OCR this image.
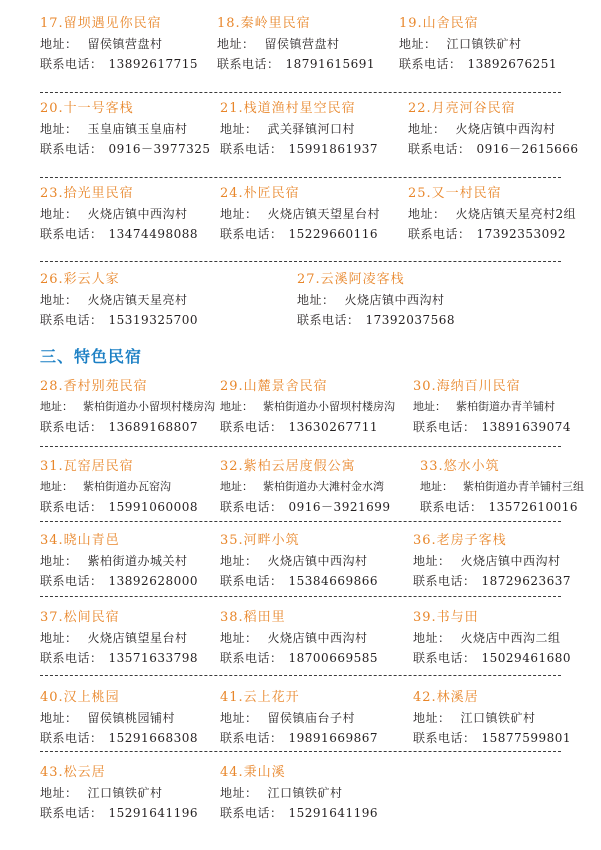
三、特色民宿
17.留坝遇见你民宿
地址： 留侯镇营盘村
联系电话： 13892617715
18.秦岭里民宿
地址： 留侯镇营盘村
联系电话： 18791615691
19.山舍民宿
地址： 江口镇铁矿村
联系电话： 13892676251
20.十一号客栈
地址： 玉皇庙镇玉皇庙村
联系电话： 0916－3977325
21.栈道渔村星空民宿
地址： 武关驿镇河口村
联系电话： 15991861937
22.月亮河谷民宿
地址： 火烧店镇中西沟村
联系电话： 0916－2615666
23.拾光里民宿
地址： 火烧店镇中西沟村
联系电话： 13474498088
24.朴匠民宿
地址： 火烧店镇天望星台村
联系电话： 15229660116
25.又一村民宿
地址： 火烧店镇天星亮村2组
联系电话： 17392353092
26.彩云人家
地址： 火烧店镇天星亮村
联系电话： 15319325700
27.云溪阿凌客栈
地址： 火烧店镇中西沟村
联系电话： 17392037568
28.香村别苑民宿
地址： 紫柏街道办小留坝村楼房沟
联系电话： 13689168807
29.山麓景舍民宿
地址： 紫柏街道办小留坝村楼房沟
联系电话： 13630267711
30.海纳百川民宿
地址： 紫柏街道办青羊铺村
联系电话： 13891639074
31.瓦窑居民宿
地址： 紫柏街道办瓦窑沟
联系电话： 15991060008
32.紫柏云居度假公寓
地址： 紫柏街道办大滩村金水湾
联系电话： 0916－3921699
33.悠水小筑
地址： 紫柏街道办青羊铺村三组
联系电话： 13572610016
34.晓山青邑
地址： 紫柏街道办城关村
联系电话： 13892628000
35.河畔小筑
地址： 火烧店镇中西沟村
联系电话： 15384669866
36.老房子客栈
地址： 火烧店镇中西沟村
联系电话： 18729623637
37.松间民宿
地址： 火烧店镇望星台村
联系电话： 13571633798
38.稻田里
地址： 火烧店镇中西沟村
联系电话： 18700669585
39.书与田
地址： 火烧店中西沟二组
联系电话： 15029461680
40.汉上桃园
地址： 留侯镇桃园铺村
联系电话： 15291668308
41.云上花开
地址： 留侯镇庙台子村
联系电话： 19891669867
42.林溪居
地址： 江口镇铁矿村
联系电话： 15877599801
43.松云居
地址： 江口镇铁矿村
联系电话： 15291641196
44.秉山溪
地址： 江口镇铁矿村
联系电话： 15291641196
